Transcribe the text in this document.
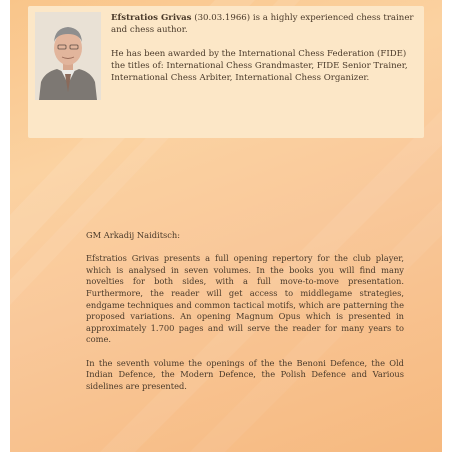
Efstratios Grivas (30.03.1966) is a highly experienced chess trainer and chess author.

He has been awarded by the International Chess Federation (FIDE) the titles of: International Chess Grandmaster, FIDE Senior Trainer, International Chess Arbiter, International Chess Organizer.

GM Arkadij Naiditsch:

Efstratios Grivas presents a full opening repertory for the club player, which is analysed in seven volumes. In the books you will find many novelties for both sides, with a full move-to-move presentation. Furthermore, the reader will get access to middlegame strategies, endgame techniques and common tactical motifs, which are patterning the proposed variations. An opening Magnum Opus which is presented in approximately 1.700 pages and will serve the reader for many years to come.

In the seventh volume the openings of the the Benoni Defence, the Old Indian Defence, the Modern Defence, the Polish Defence and Various sidelines are presented.
